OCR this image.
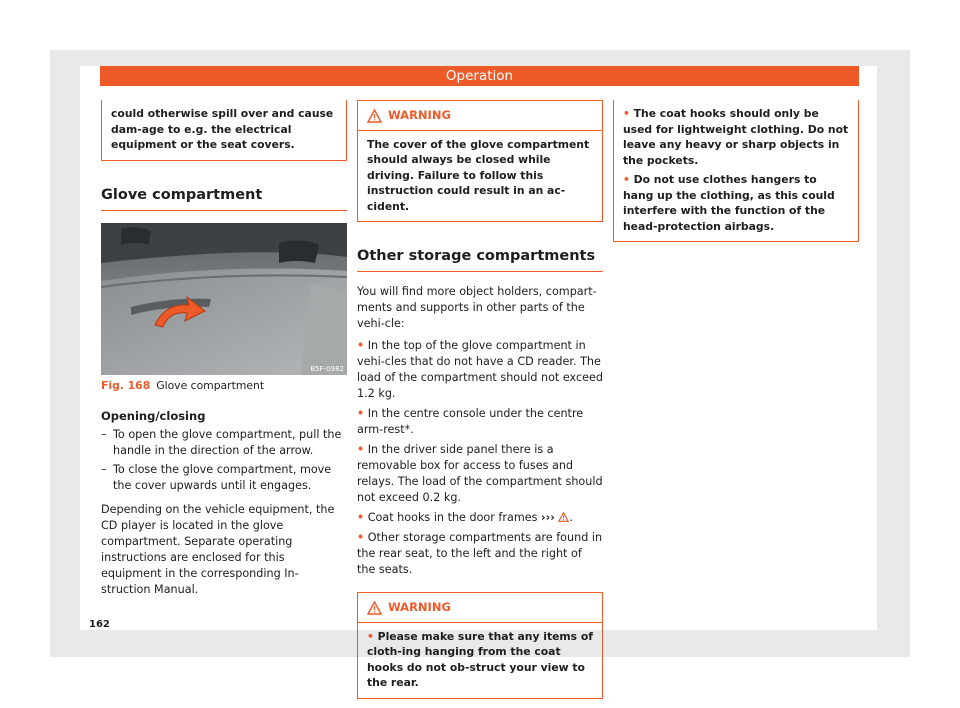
Operation
could otherwise spill over and cause dam-age to e.g. the electrical equipment or the seat covers.
Glove compartment
B5F-0982
Fig. 168 Glove compartment
Opening/closing
– To open the glove compartment, pull the handle in the direction of the arrow.
– To close the glove compartment, move the cover upwards until it engages.

Depending on the vehicle equipment, the CD player is located in the glove compartment. Separate operating instructions are enclosed for this equipment in the corresponding In-struction Manual.

WARNING
The cover of the glove compartment should always be closed while driving. Failure to follow this instruction could result in an ac-cident.
Other storage compartments

You will find more object holders, compart-ments and supports in other parts of the vehi-cle:

• In the top of the glove compartment in vehi-cles that do not have a CD reader. The load of the compartment should not exceed 1.2 kg.
• In the centre console under the centre arm-rest*.
• In the driver side panel there is a removable box for access to fuses and relays. The load of the compartment should not exceed 0.2 kg.
• Coat hooks in the door frames ››› .
• Other storage compartments are found in the rear seat, to the left and the right of the seats.
WARNING
• Please make sure that any items of cloth-ing hanging from the coat hooks do not ob-struct your view to the rear.
• The coat hooks should only be used for lightweight clothing. Do not leave any heavy or sharp objects in the pockets.
• Do not use clothes hangers to hang up the clothing, as this could interfere with the function of the head-protection airbags.
162
